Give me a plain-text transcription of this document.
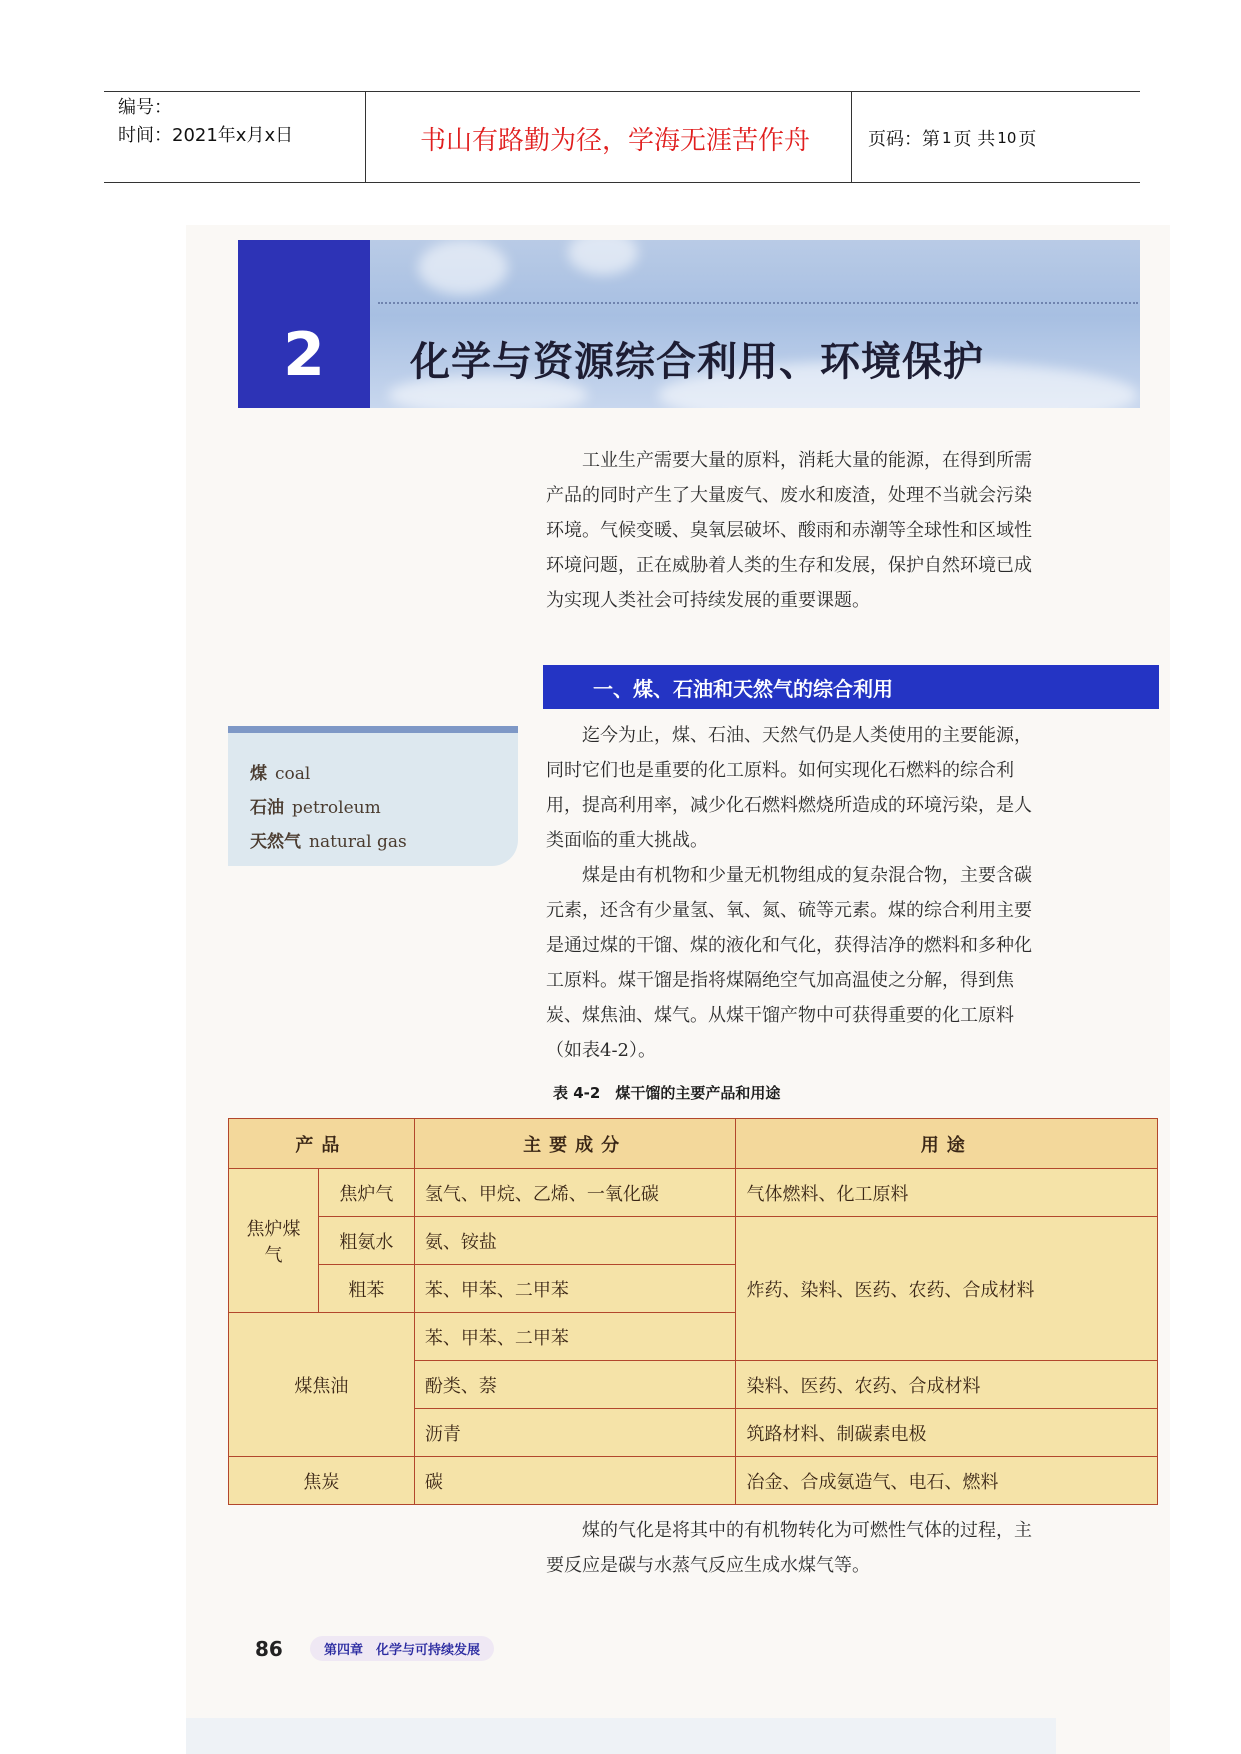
编号：
时间：2021年x月x日	书山有路勤为径，学海无涯苦作舟	页码：第 1 页 共 10 页
2	化学与资源综合利用、环境保护

工业生产需要大量的原料，消耗大量的能源，在得到所需

产品的同时产生了大量废气、废水和废渣，处理不当就会污染

环境。气候变暖、臭氧层破坏、酸雨和赤潮等全球性和区域性

环境问题，正在威胁着人类的生存和发展，保护自然环境已成

为实现人类社会可持续发展的重要课题。

一、煤、石油和天然气的综合利用
煤 coal
石油 petroleum
天然气 natural gas

迄今为止，煤、石油、天然气仍是人类使用的主要能源，

同时它们也是重要的化工原料。如何实现化石燃料的综合利

用，提高利用率，减少化石燃料燃烧所造成的环境污染，是人

类面临的重大挑战。

煤是由有机物和少量无机物组成的复杂混合物，主要含碳

元素，还含有少量氢、氧、氮、硫等元素。煤的综合利用主要

是通过煤的干馏、煤的液化和气化，获得洁净的燃料和多种化

工原料。煤干馏是指将煤隔绝空气加高温使之分解，得到焦

炭、煤焦油、煤气。从煤干馏产物中可获得重要的化工原料

（如表4-2）。

表 4-2　煤干馏的主要产品和用途
产品		主要成分	用途
焦炉煤气	焦炉气	氢气、甲烷、乙烯、一氧化碳	气体燃料、化工原料
	粗氨水	氨、铵盐	炸药、染料、医药、农药、合成材料
	粗苯	苯、甲苯、二甲苯	
煤焦油		苯、甲苯、二甲苯	
		酚类、萘	染料、医药、农药、合成材料
		沥青	筑路材料、制碳素电极
焦炭		碳	冶金、合成氨造气、电石、燃料

煤的气化是将其中的有机物转化为可燃性气体的过程，主

要反应是碳与水蒸气反应生成水煤气等。

86	第四章　化学与可持续发展
